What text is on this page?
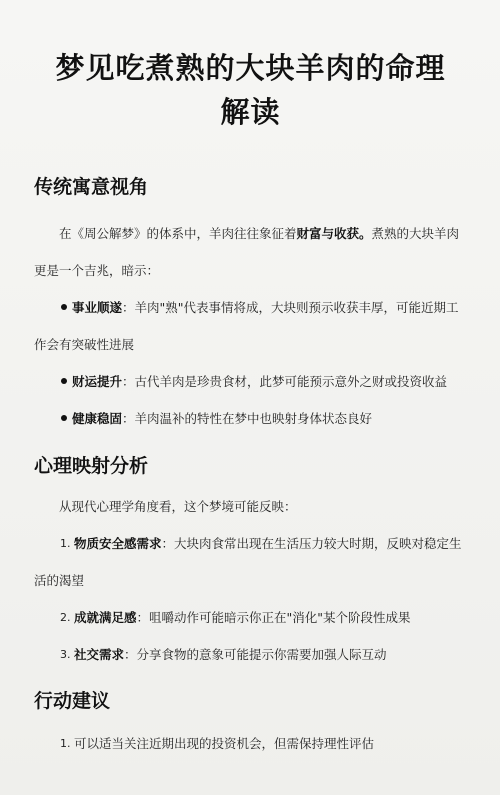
梦见吃煮熟的大块羊肉的命理
解读
传统寓意视角

在《周公解梦》的体系中，羊肉往往象征着财富与收获。煮熟的大块羊肉
更是一个吉兆，暗示：

事业顺遂：羊肉"熟"代表事情将成，大块则预示收获丰厚，可能近期工
作会有突破性进展

财运提升：古代羊肉是珍贵食材，此梦可能预示意外之财或投资收益

健康稳固：羊肉温补的特性在梦中也映射身体状态良好

心理映射分析

从现代心理学角度看，这个梦境可能反映：

1. 物质安全感需求：大块肉食常出现在生活压力较大时期，反映对稳定生
活的渴望

2. 成就满足感：咀嚼动作可能暗示你正在"消化"某个阶段性成果

3. 社交需求：分享食物的意象可能提示你需要加强人际互动

行动建议

1. 可以适当关注近期出现的投资机会，但需保持理性评估
